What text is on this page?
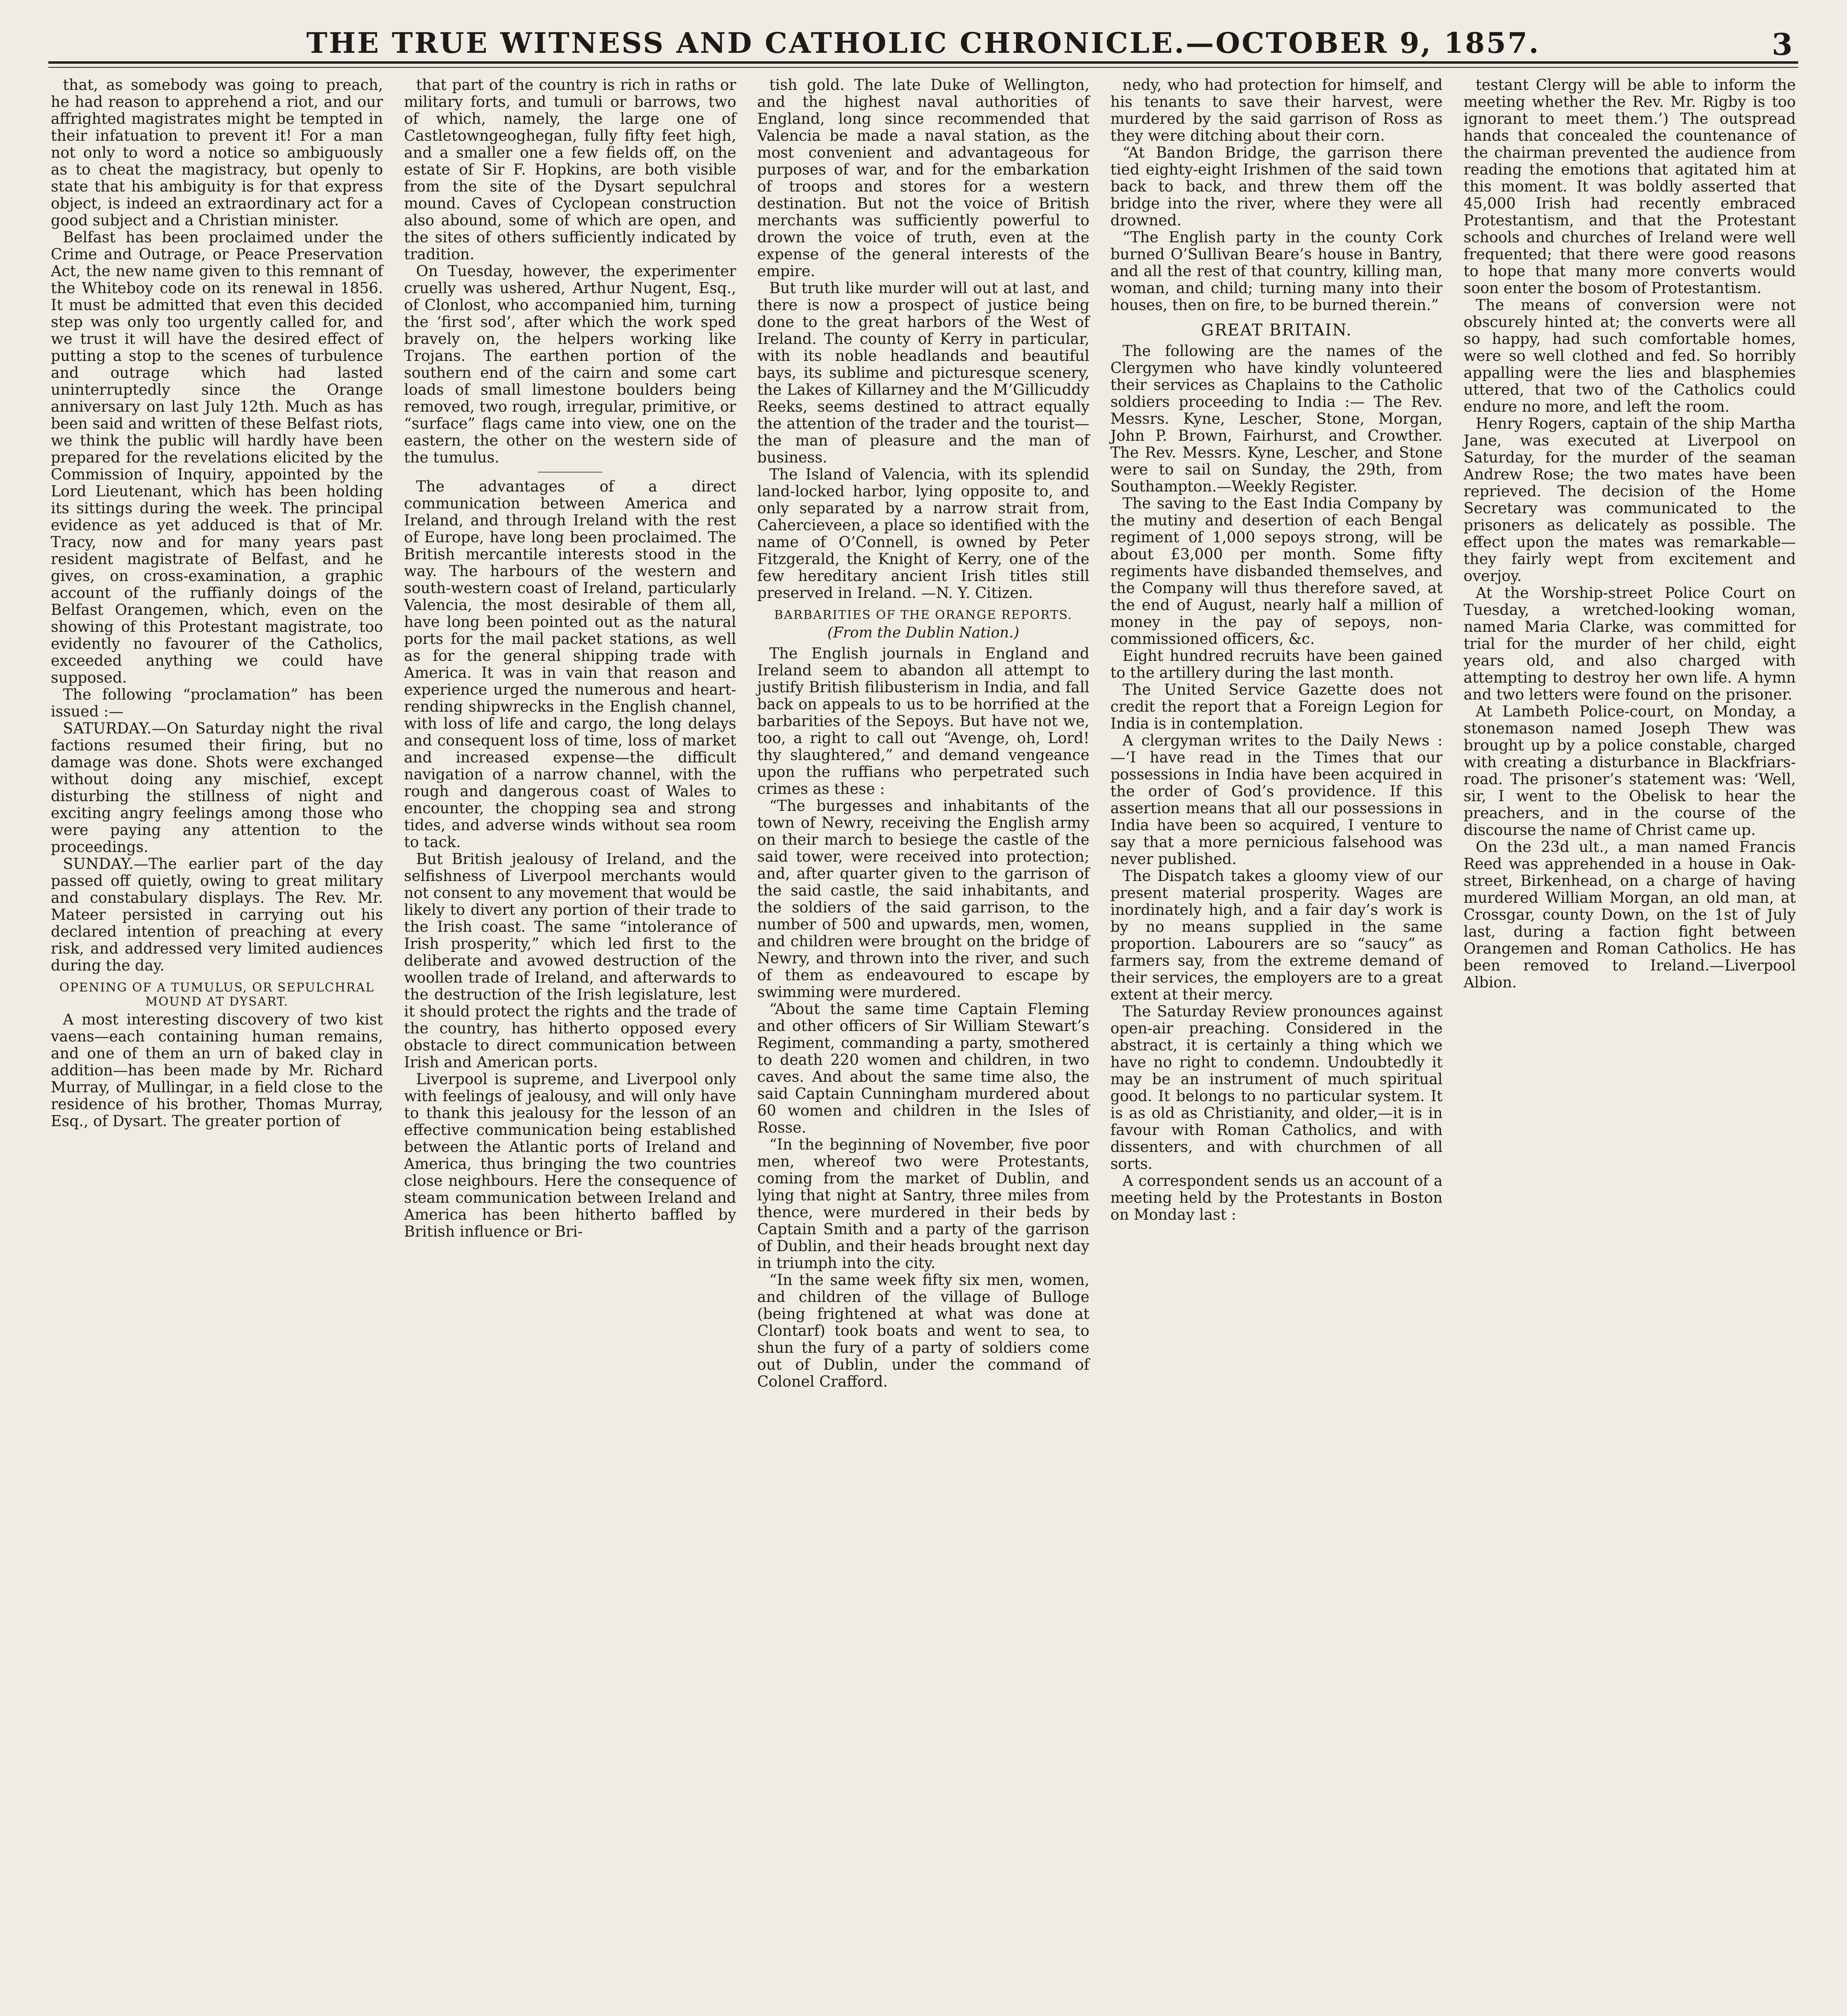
THE TRUE WITNESS AND CATHOLIC CHRONICLE.—OCTOBER 9, 1857.	3

that, as somebody was going to preach, he had reason to apprehend a riot, and our affrighted magistrates might be tempted in their infatuation to prevent it! For a man not only to word a notice so ambiguously as to cheat the magistracy, but openly to state that his ambiguity is for that express object, is indeed an extraordinary act for a good subject and a Christian minister.

Belfast has been proclaimed under the Crime and Outrage, or Peace Preservation Act, the new name given to this remnant of the Whiteboy code on its renewal in 1856. It must be admitted that even this decided step was only too urgently called for, and we trust it will have the desired effect of putting a stop to the scenes of turbulence and outrage which had lasted uninterruptedly since the Orange anniversary on last July 12th. Much as has been said and written of these Belfast riots, we think the public will hardly have been prepared for the revelations elicited by the Commission of Inquiry, appointed by the Lord Lieutenant, which has been holding its sittings during the week. The principal evidence as yet adduced is that of Mr. Tracy, now and for many years past resident magistrate of Belfast, and he gives, on cross-examination, a graphic account of the ruffianly doings of the Belfast Orangemen, which, even on the showing of this Protestant magistrate, too evidently no favourer of the Catholics, exceeded anything we could have supposed.

The following “proclamation” has been issued :—

SATURDAY.—On Saturday night the rival factions resumed their firing, but no damage was done. Shots were exchanged without doing any mischief, except disturbing the stillness of night and exciting angry feelings among those who were paying any attention to the proceedings.

SUNDAY.—The earlier part of the day passed off quietly, owing to great military and constabulary displays. The Rev. Mr. Mateer persisted in carrying out his declared intention of preaching at every risk, and addressed very limited audiences during the day.

OPENING OF A TUMULUS, OR SEPULCHRAL MOUND AT DYSART.

A most interesting discovery of two kist vaens—each containing human remains, and one of them an urn of baked clay in addition—has been made by Mr. Richard Murray, of Mullingar, in a field close to the residence of his brother, Thomas Murray, Esq., of Dysart. The greater portion of

that part of the country is rich in raths or military forts, and tumuli or barrows, two of which, namely, the large one of Castletowngeoghegan, fully fifty feet high, and a smaller one a few fields off, on the estate of Sir F. Hopkins, are both visible from the site of the Dysart sepulchral mound. Caves of Cyclopean construction also abound, some of which are open, and the sites of others sufficiently indicated by tradition.

On Tuesday, however, the experimenter cruelly was ushered, Arthur Nugent, Esq., of Clonlost, who accompanied him, turning the ‘first sod’, after which the work sped bravely on, the helpers working like Trojans. The earthen portion of the southern end of the cairn and some cart loads of small limestone boulders being removed, two rough, irregular, primitive, or “surface” flags came into view, one on the eastern, the other on the western side of the tumulus.

The advantages of a direct communication between America and Ireland, and through Ireland with the rest of Europe, have long been proclaimed. The British mercantile interests stood in the way. The harbours of the western and south-western coast of Ireland, particularly Valencia, the most desirable of them all, have long been pointed out as the natural ports for the mail packet stations, as well as for the general shipping trade with America. It was in vain that reason and experience urged the numerous and heart-rending shipwrecks in the English channel, with loss of life and cargo, the long delays and consequent loss of time, loss of market and increased expense—the difficult navigation of a narrow channel, with the rough and dangerous coast of Wales to encounter, the chopping sea and strong tides, and adverse winds without sea room to tack.

But British jealousy of Ireland, and the selfishness of Liverpool merchants would not consent to any movement that would be likely to divert any portion of their trade to the Irish coast. The same “intolerance of Irish prosperity,” which led first to the deliberate and avowed destruction of the woollen trade of Ireland, and afterwards to the destruction of the Irish legislature, lest it should protect the rights and the trade of the country, has hitherto opposed every obstacle to direct communication between Irish and American ports.

Liverpool is supreme, and Liverpool only with feelings of jealousy, and will only have to thank this jealousy for the lesson of an effective communication being established between the Atlantic ports of Ireland and America, thus bringing the two countries close neighbours. Here the consequence of steam communication between Ireland and America has been hitherto baffled by British influence or Bri-

tish gold. The late Duke of Wellington, and the highest naval authorities of England, long since recommended that Valencia be made a naval station, as the most convenient and advantageous for purposes of war, and for the embarkation of troops and stores for a western destination. But not the voice of British merchants was sufficiently powerful to drown the voice of truth, even at the expense of the general interests of the empire.

But truth like murder will out at last, and there is now a prospect of justice being done to the great harbors of the West of Ireland. The county of Kerry in particular, with its noble headlands and beautiful bays, its sublime and picturesque scenery, the Lakes of Killarney and the M’Gillicuddy Reeks, seems destined to attract equally the attention of the trader and the tourist—the man of pleasure and the man of business.

The Island of Valencia, with its splendid land-locked harbor, lying opposite to, and only separated by a narrow strait from, Cahercieveen, a place so identified with the name of O’Connell, is owned by Peter Fitzgerald, the Knight of Kerry, one of the few hereditary ancient Irish titles still preserved in Ireland. —N. Y. Citizen.

BARBARITIES OF THE ORANGE REPORTS.
(From the Dublin Nation.)

The English journals in England and Ireland seem to abandon all attempt to justify British filibusterism in India, and fall back on appeals to us to be horrified at the barbarities of the Sepoys. But have not we, too, a right to call out “Avenge, oh, Lord! thy slaughtered,” and demand vengeance upon the ruffians who perpetrated such crimes as these :

“The burgesses and inhabitants of the town of Newry, receiving the English army on their march to besiege the castle of the said tower, were received into protection; and, after quarter given to the garrison of the said castle, the said inhabitants, and the soldiers of the said garrison, to the number of 500 and upwards, men, women, and children were brought on the bridge of Newry, and thrown into the river, and such of them as endeavoured to escape by swimming were murdered.

“About the same time Captain Fleming and other officers of Sir William Stewart’s Regiment, commanding a party, smothered to death 220 women and children, in two caves. And about the same time also, the said Captain Cunningham murdered about 60 women and children in the Isles of Rosse.

“In the beginning of November, five poor men, whereof two were Protestants, coming from the market of Dublin, and lying that night at Santry, three miles from thence, were murdered in their beds by Captain Smith and a party of the garrison of Dublin, and their heads brought next day in triumph into the city.

“In the same week fifty six men, women, and children of the village of Bulloge (being frightened at what was done at Clontarf) took boats and went to sea, to shun the fury of a party of soldiers come out of Dublin, under the command of Colonel Crafford.

nedy, who had protection for himself, and his tenants to save their harvest, were murdered by the said garrison of Ross as they were ditching about their corn.

“At Bandon Bridge, the garrison there tied eighty-eight Irishmen of the said town back to back, and threw them off the bridge into the river, where they were all drowned.

“The English party in the county Cork burned O’Sullivan Beare’s house in Bantry, and all the rest of that country, killing man, woman, and child; turning many into their houses, then on fire, to be burned therein.”

GREAT BRITAIN.

The following are the names of the Clergymen who have kindly volunteered their services as Chaplains to the Catholic soldiers proceeding to India :— The Rev. Messrs. Kyne, Lescher, Stone, Morgan, John P. Brown, Fairhurst, and Crowther. The Rev. Messrs. Kyne, Lescher, and Stone were to sail on Sunday, the 29th, from Southampton.—Weekly Register.

The saving to the East India Company by the mutiny and desertion of each Bengal regiment of 1,000 sepoys strong, will be about £3,000 per month. Some fifty regiments have disbanded themselves, and the Company will thus therefore saved, at the end of August, nearly half a million of money in the pay of sepoys, non-commissioned officers, &c.

Eight hundred recruits have been gained to the artillery during the last month.

The United Service Gazette does not credit the report that a Foreign Legion for India is in contemplation.

A clergyman writes to the Daily News :—‘I have read in the Times that our possessions in India have been acquired in the order of God’s providence. If this assertion means that all our possessions in India have been so acquired, I venture to say that a more pernicious falsehood was never published.

The Dispatch takes a gloomy view of our present material prosperity. Wages are inordinately high, and a fair day’s work is by no means supplied in the same proportion. Labourers are so “saucy” as farmers say, from the extreme demand of their services, the employers are to a great extent at their mercy.

The Saturday Review pronounces against open-air preaching. Considered in the abstract, it is certainly a thing which we have no right to condemn. Undoubtedly it may be an instrument of much spiritual good. It belongs to no particular system. It is as old as Christianity, and older,—it is in favour with Roman Catholics, and with dissenters, and with churchmen of all sorts.

A correspondent sends us an account of a meeting held by the Protestants in Boston on Monday last :

testant Clergy will be able to inform the meeting whether the Rev. Mr. Rigby is too ignorant to meet them.’) The outspread hands that concealed the countenance of the chairman prevented the audience from reading the emotions that agitated him at this moment. It was boldly asserted that 45,000 Irish had recently embraced Protestantism, and that the Protestant schools and churches of Ireland were well frequented; that there were good reasons to hope that many more converts would soon enter the bosom of Protestantism.

The means of conversion were not obscurely hinted at; the converts were all so happy, had such comfortable homes, were so well clothed and fed. So horribly appalling were the lies and blasphemies uttered, that two of the Catholics could endure no more, and left the room.

Henry Rogers, captain of the ship Martha Jane, was executed at Liverpool on Saturday, for the murder of the seaman Andrew Rose; the two mates have been reprieved. The decision of the Home Secretary was communicated to the prisoners as delicately as possible. The effect upon the mates was remarkable—they fairly wept from excitement and overjoy.

At the Worship-street Police Court on Tuesday, a wretched-looking woman, named Maria Clarke, was committed for trial for the murder of her child, eight years old, and also charged with attempting to destroy her own life. A hymn and two letters were found on the prisoner.

At Lambeth Police-court, on Monday, a stonemason named Joseph Thew was brought up by a police constable, charged with creating a disturbance in Blackfriars-road. The prisoner’s statement was: ‘Well, sir, I went to the Obelisk to hear the preachers, and in the course of the discourse the name of Christ came up.

On the 23d ult., a man named Francis Reed was apprehended in a house in Oak-street, Birkenhead, on a charge of having murdered William Morgan, an old man, at Crossgar, county Down, on the 1st of July last, during a faction fight between Orangemen and Roman Catholics. He has been removed to Ireland.—Liverpool Albion.
